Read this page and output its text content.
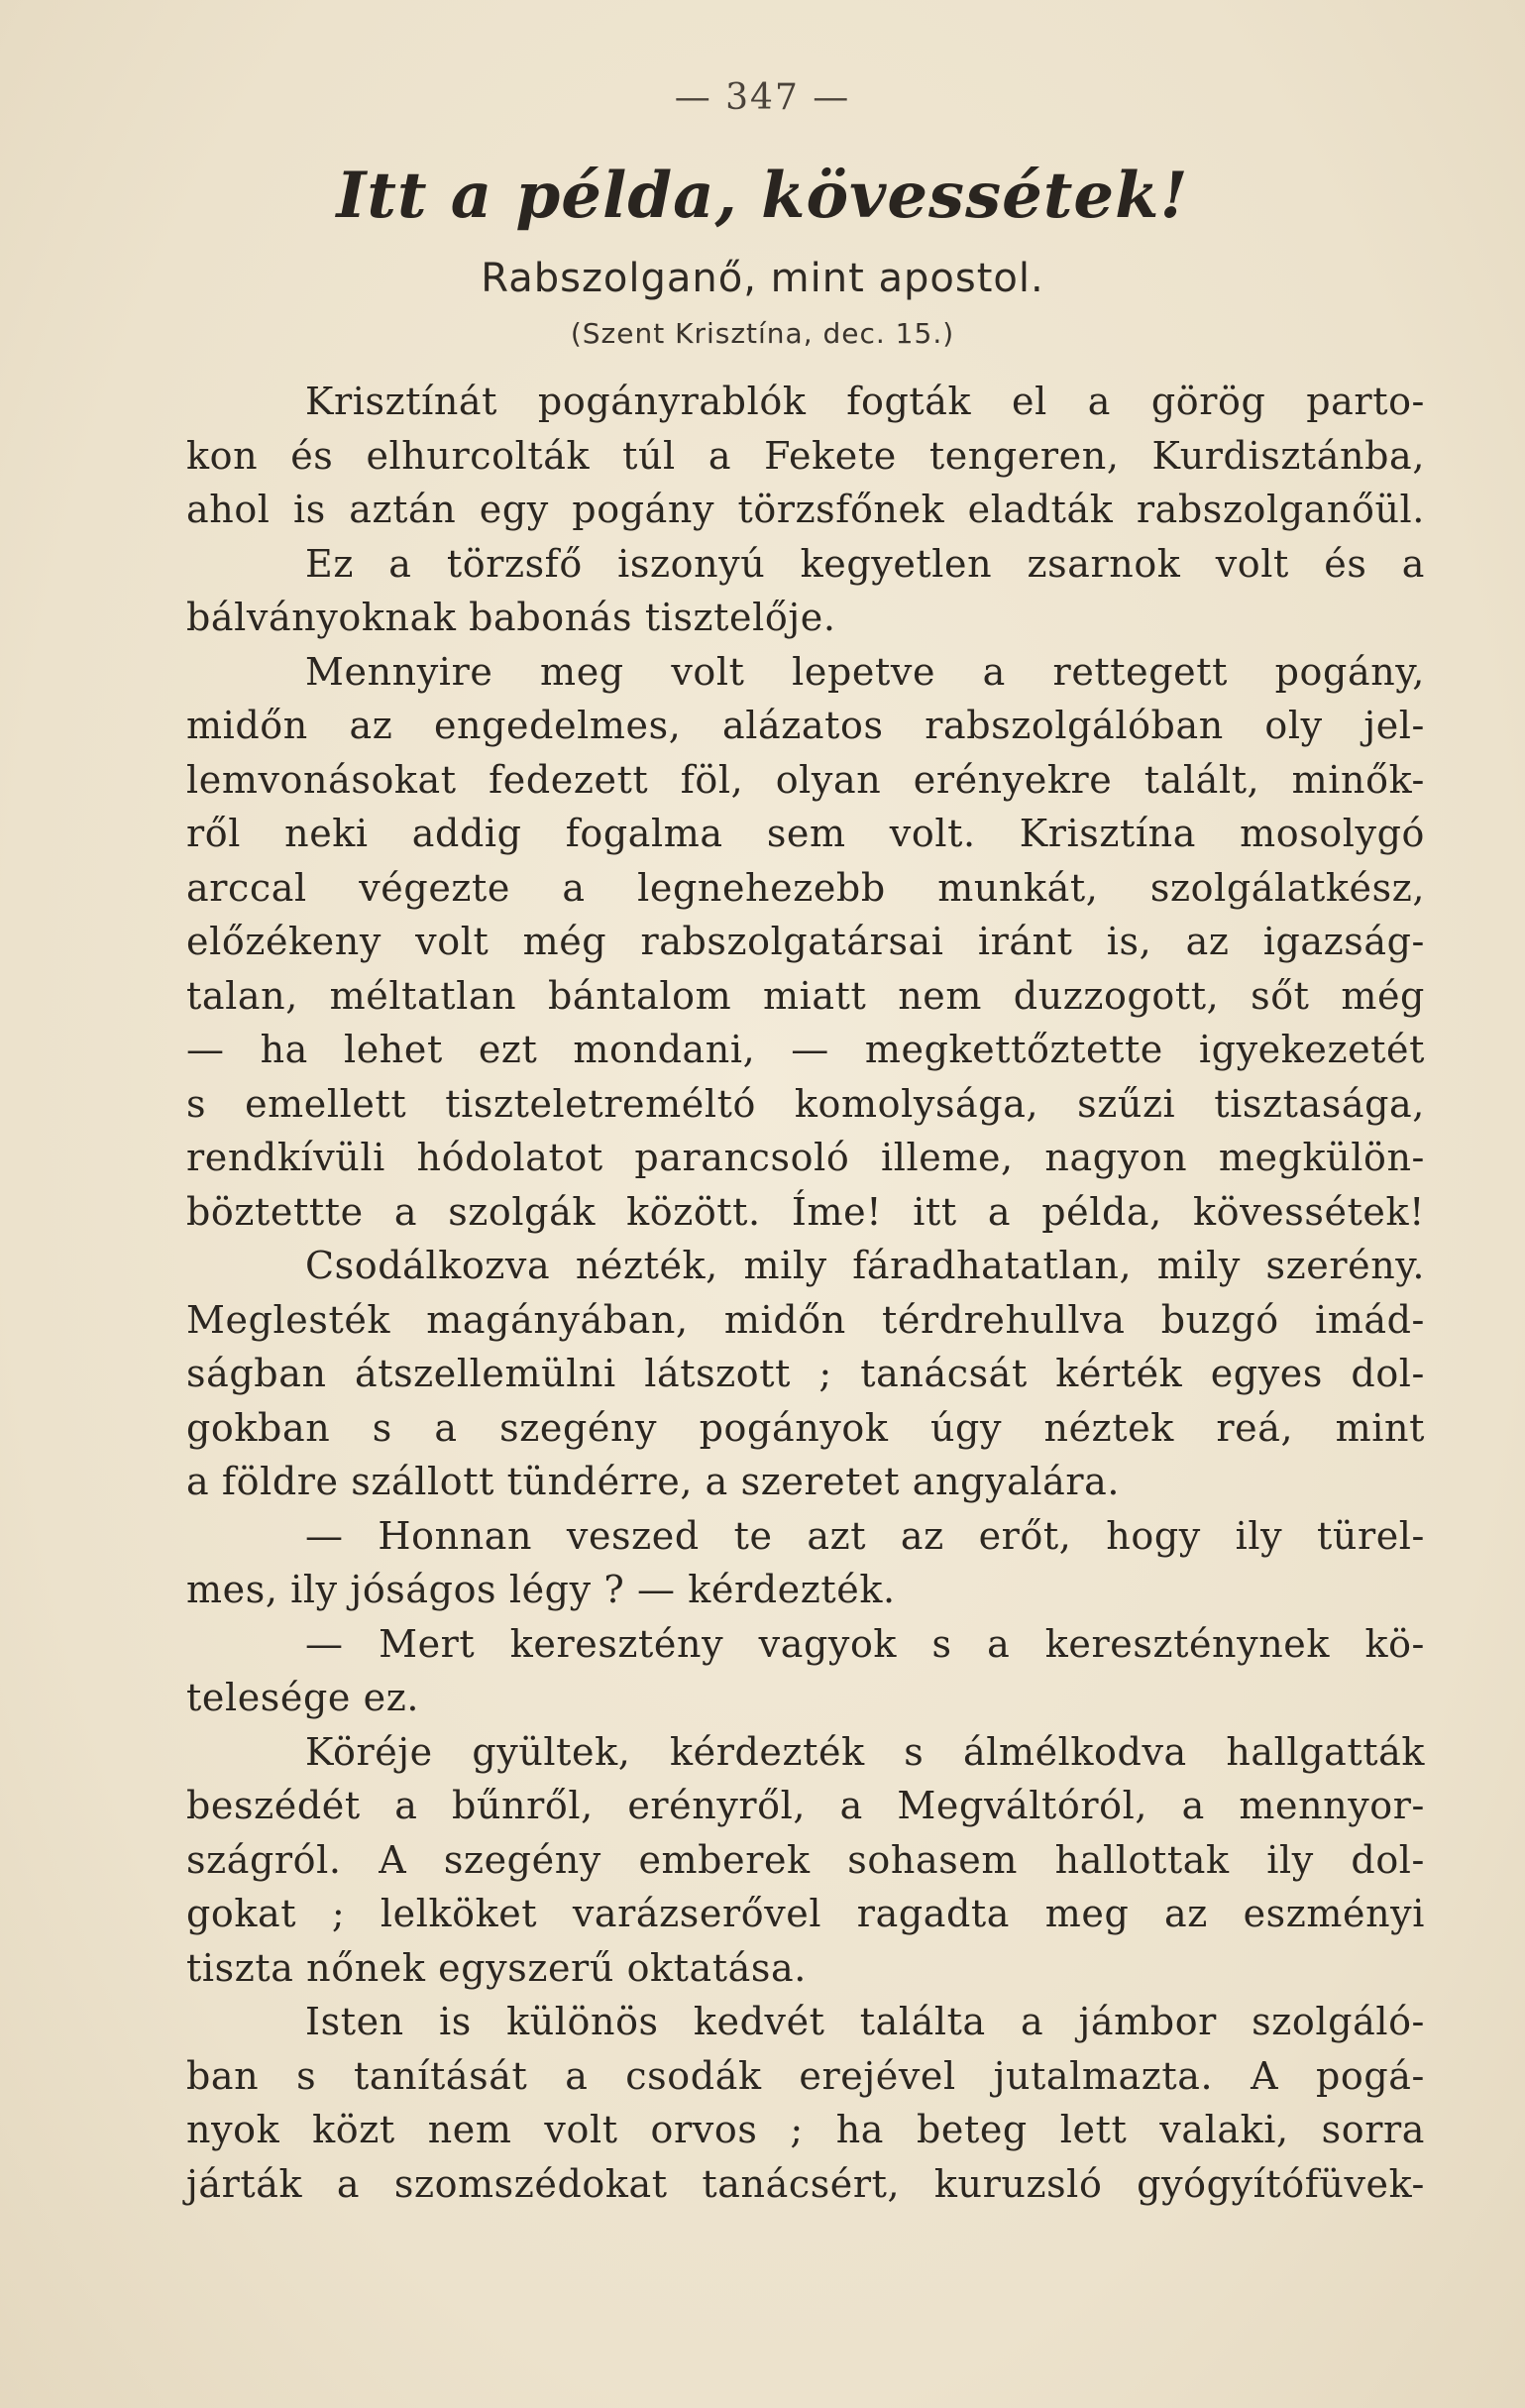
— 347 —
Itt a példa, kövessétek!
Rabszolganő, mint apostol.
(Szent Krisztína, dec. 15.)
Krisztínát pogányrablók fogták el a görög parto-
kon és elhurcolták túl a Fekete tengeren, Kurdisztánba,
ahol is aztán egy pogány törzsfőnek eladták rabszolganőül.
Ez a törzsfő iszonyú kegyetlen zsarnok volt és a
bálványoknak babonás tisztelője.
Mennyire meg volt lepetve a rettegett pogány,
midőn az engedelmes, alázatos rabszolgálóban oly jel-
lemvonásokat fedezett föl, olyan erényekre talált, minők-
ről neki addig fogalma sem volt. Krisztína mosolygó
arccal végezte a legnehezebb munkát, szolgálatkész,
előzékeny volt még rabszolgatársai iránt is, az igazság-
talan, méltatlan bántalom miatt nem duzzogott, sőt még
— ha lehet ezt mondani, — megkettőztette igyekezetét
s emellett tiszteletreméltó komolysága, szűzi tisztasága,
rendkívüli hódolatot parancsoló illeme, nagyon megkülön-
böztettte a szolgák között. Íme! itt a példa, kövessétek!
Csodálkozva nézték, mily fáradhatatlan, mily szerény.
Meglesték magányában, midőn térdrehullva buzgó imád-
ságban átszellemülni látszott ; tanácsát kérték egyes dol-
gokban s a szegény pogányok úgy néztek reá, mint
a földre szállott tündérre, a szeretet angyalára.
— Honnan veszed te azt az erőt, hogy ily türel-
mes, ily jóságos légy ? — kérdezték.
— Mert keresztény vagyok s a kereszténynek kö-
telesége ez.
Köréje gyültek, kérdezték s álmélkodva hallgatták
beszédét a bűnről, erényről, a Megváltóról, a mennyor-
szágról. A szegény emberek sohasem hallottak ily dol-
gokat ; lelköket varázserővel ragadta meg az eszményi
tiszta nőnek egyszerű oktatása.
Isten is különös kedvét találta a jámbor szolgáló-
ban s tanítását a csodák erejével jutalmazta. A pogá-
nyok közt nem volt orvos ; ha beteg lett valaki, sorra
járták a szomszédokat tanácsért, kuruzsló gyógyítófüvek-
